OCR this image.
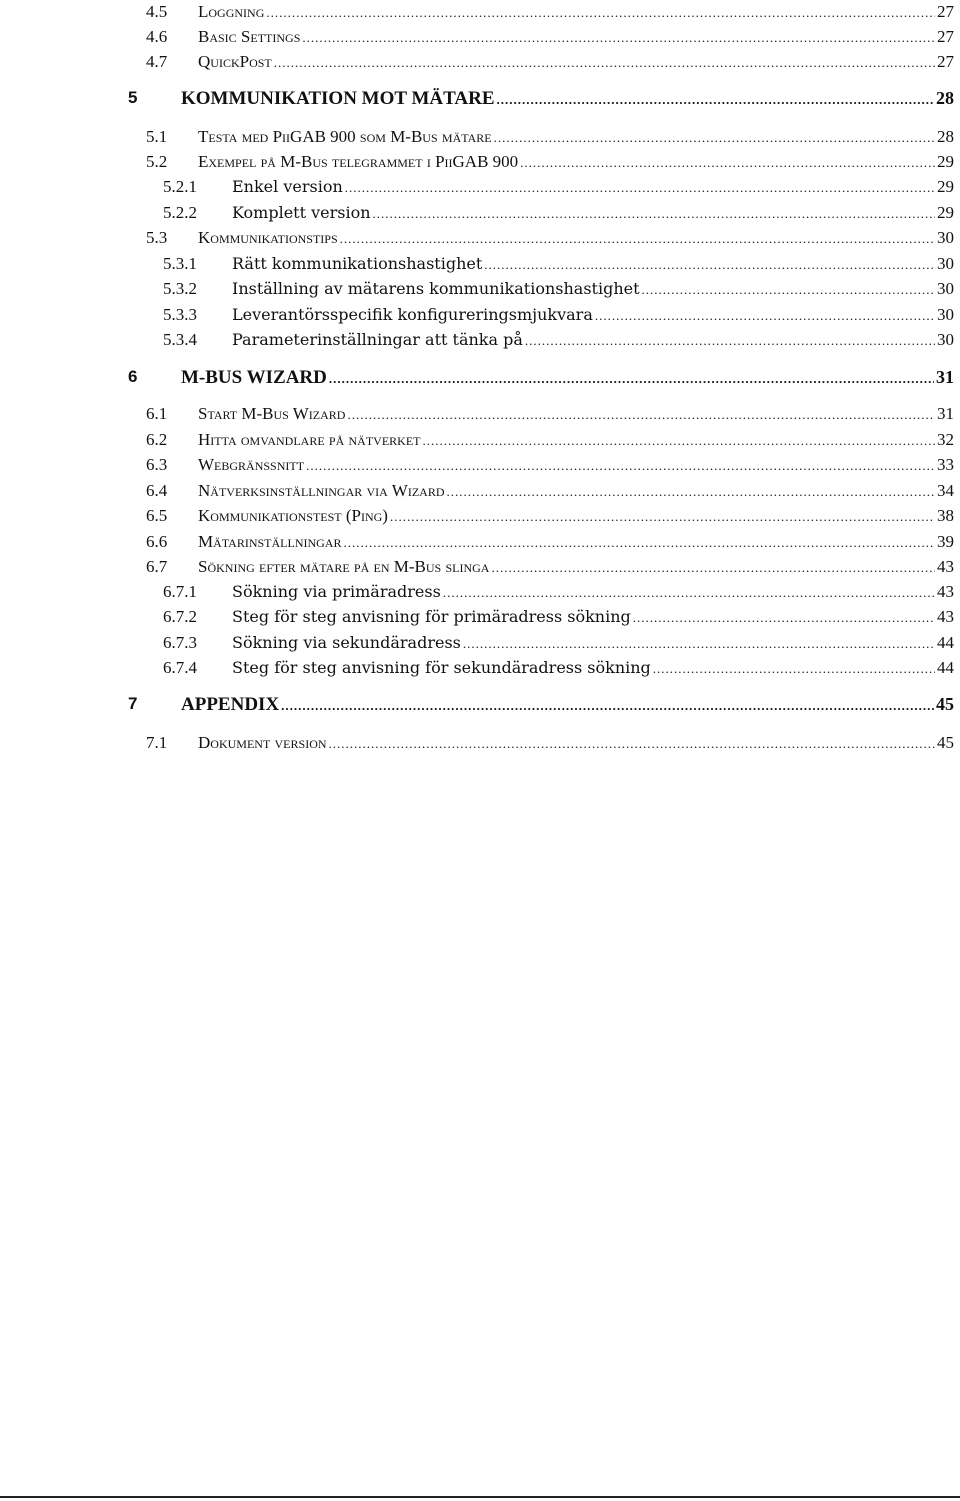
4.5	Loggning .....	27
4.6	Basic Settings .....	27
4.7	QuickPost .....	27
5	KOMMUNIKATION MOT MÄTARE .....	28
5.1	Testa med PiiGAB 900 som M-Bus mätare .....	28
5.2	Exempel på M-Bus telegrammet i PiiGAB 900 .....	29
5.2.1	Enkel version .....	29
5.2.2	Komplett version .....	29
5.3	Kommunikationstips .....	30
5.3.1	Rätt kommunikationshastighet .....	30
5.3.2	Inställning av mätarens kommunikationshastighet .....	30
5.3.3	Leverantörsspecifik konfigureringsmjukvara .....	30
5.3.4	Parameterinställningar att tänka på .....	30
6	M-BUS WIZARD .....	31
6.1	Start M-Bus Wizard .....	31
6.2	Hitta omvandlare på nätverket .....	32
6.3	Webgränssnitt .....	33
6.4	Nätverksinställningar via Wizard .....	34
6.5	Kommunikationstest (Ping) .....	38
6.6	Mätarinställningar .....	39
6.7	Sökning efter mätare på en M-Bus slinga .....	43
6.7.1	Sökning via primäradress .....	43
6.7.2	Steg för steg anvisning för primäradress sökning .....	43
6.7.3	Sökning via sekundäradress .....	44
6.7.4	Steg för steg anvisning för sekundäradress sökning .....	44
7	APPENDIX .....	45
7.1	Dokument version .....	45
